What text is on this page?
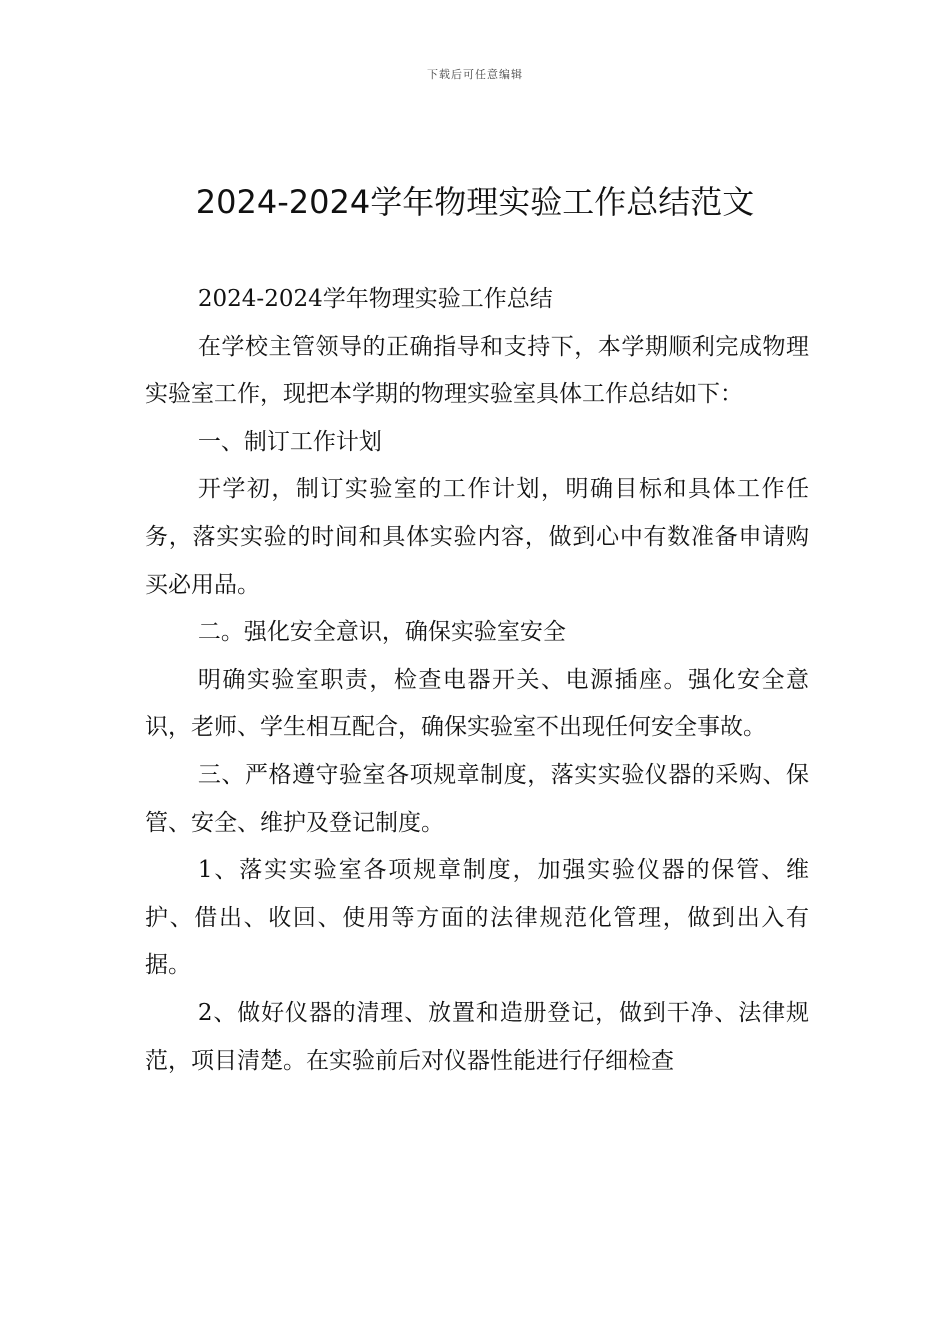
下载后可任意编辑
2024-2024学年物理实验工作总结范文

2024-2024学年物理实验工作总结

在学校主管领导的正确指导和支持下，本学期顺利完成物理实验室工作，现把本学期的物理实验室具体工作总结如下：

一、制订工作计划

开学初，制订实验室的工作计划，明确目标和具体工作任务，落实实验的时间和具体实验内容，做到心中有数准备申请购买必用品。

二。强化安全意识，确保实验室安全

明确实验室职责，检查电器开关、电源插座。强化安全意识，老师、学生相互配合，确保实验室不出现任何安全事故。

三、严格遵守验室各项规章制度，落实实验仪器的采购、保管、安全、维护及登记制度。

1、落实实验室各项规章制度，加强实验仪器的保管、维护、借出、收回、使用等方面的法律规范化管理，做到出入有据。

2、做好仪器的清理、放置和造册登记，做到干净、法律规范，项目清楚。在实验前后对仪器性能进行仔细检查
